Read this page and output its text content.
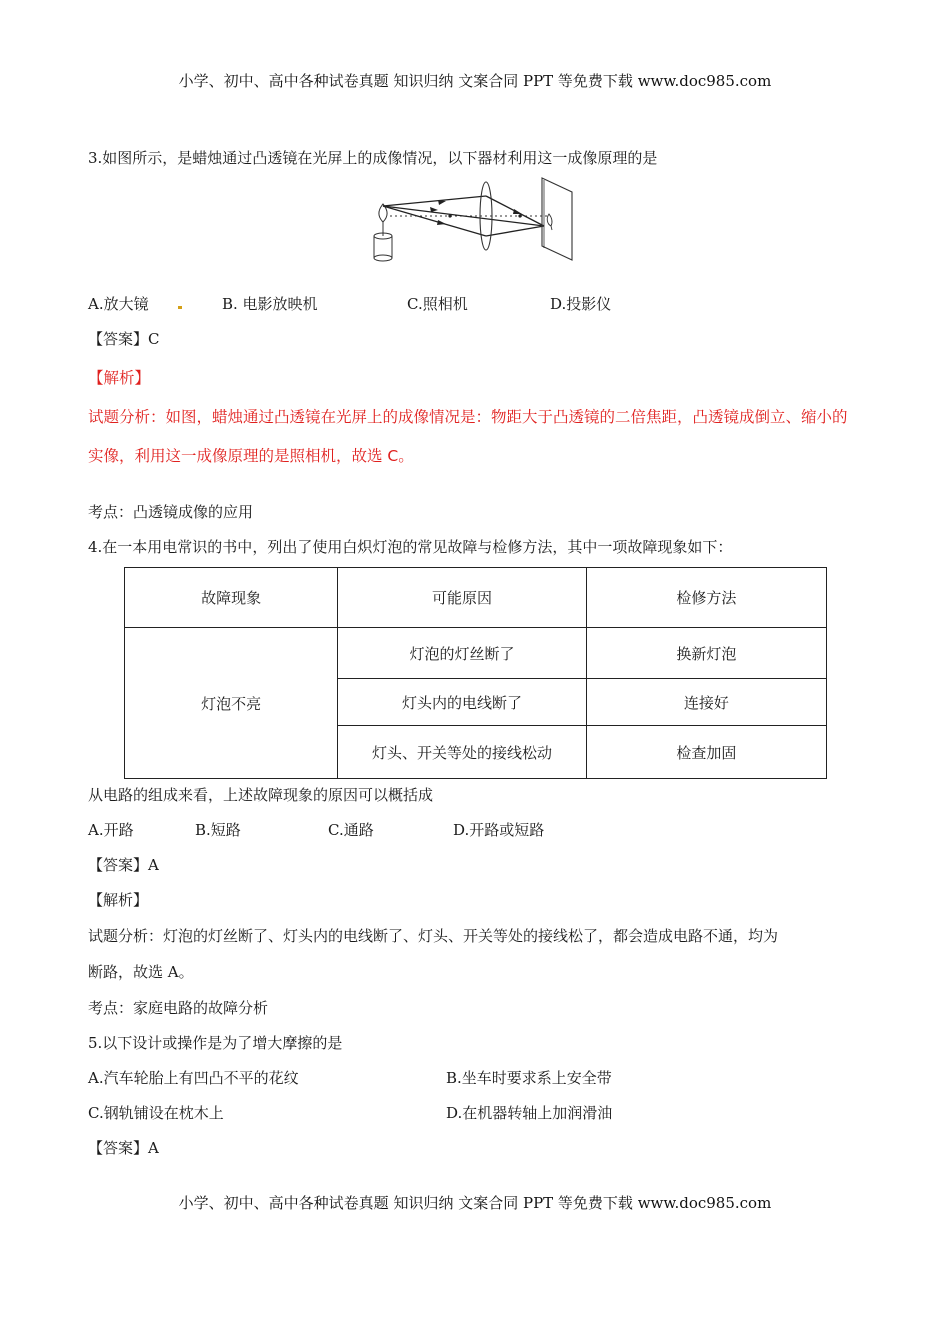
小学、初中、高中各种试卷真题 知识归纳 文案合同 PPT 等免费下载 www.doc985.com
3.如图所示，是蜡烛通过凸透镜在光屏上的成像情况，以下器材利用这一成像原理的是
A.放大镜	B. 电影放映机	C.照相机	D.投影仪
【答案】C
【解析】
试题分析：如图，蜡烛通过凸透镜在光屏上的成像情况是：物距大于凸透镜的二倍焦距，凸透镜成倒立、缩小的实像，利用这一成像原理的是照相机，故选 C。
考点：凸透镜成像的应用
4.在一本用电常识的书中，列出了使用白炽灯泡的常见故障与检修方法，其中一项故障现象如下：
故障现象	可能原因	检修方法
灯泡不亮	灯泡的灯丝断了	换新灯泡
	灯头内的电线断了	连接好
	灯头、开关等处的接线松动	检查加固
从电路的组成来看，上述故障现象的原因可以概括成
A.开路	B.短路	C.通路	D.开路或短路
【答案】A
【解析】
试题分析：灯泡的灯丝断了、灯头内的电线断了、灯头、开关等处的接线松了，都会造成电路不通，均为
断路，故选 A。
考点：家庭电路的故障分析
5.以下设计或操作是为了增大摩擦的是
A.汽车轮胎上有凹凸不平的花纹	B.坐车时要求系上安全带
C.钢轨铺设在枕木上	D.在机器转轴上加润滑油
【答案】A
小学、初中、高中各种试卷真题 知识归纳 文案合同 PPT 等免费下载 www.doc985.com
